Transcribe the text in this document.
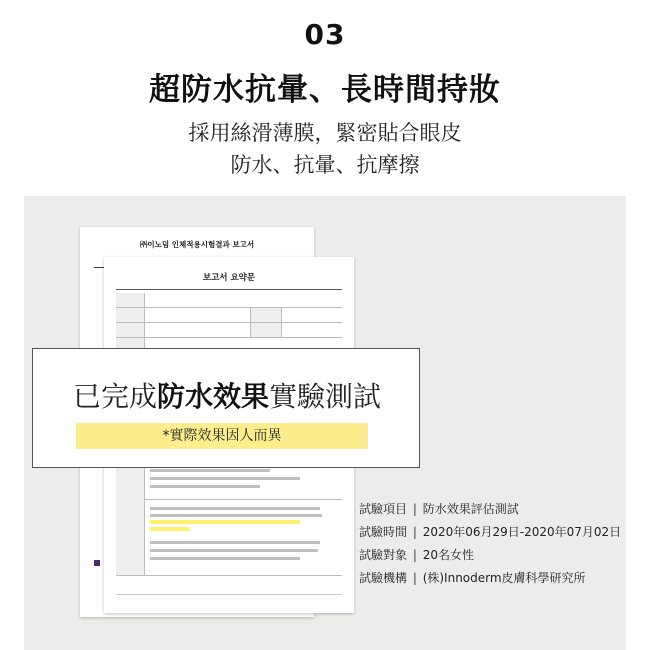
03
超防水抗暈、長時間持妝
採用絲滑薄膜，緊密貼合眼皮
防水、抗暈、抗摩擦
㈜이노덤 인체적용시험결과 보고서
보고서 요약문
已完成防水效果實驗測試
*實際效果因人而異
試驗項目 | 防水效果評估測試
試驗時間 | 2020年06月29日-2020年07月02日
試驗對象 | 20名女性
試驗機構 | (株)Innoderm皮膚科學研究所
